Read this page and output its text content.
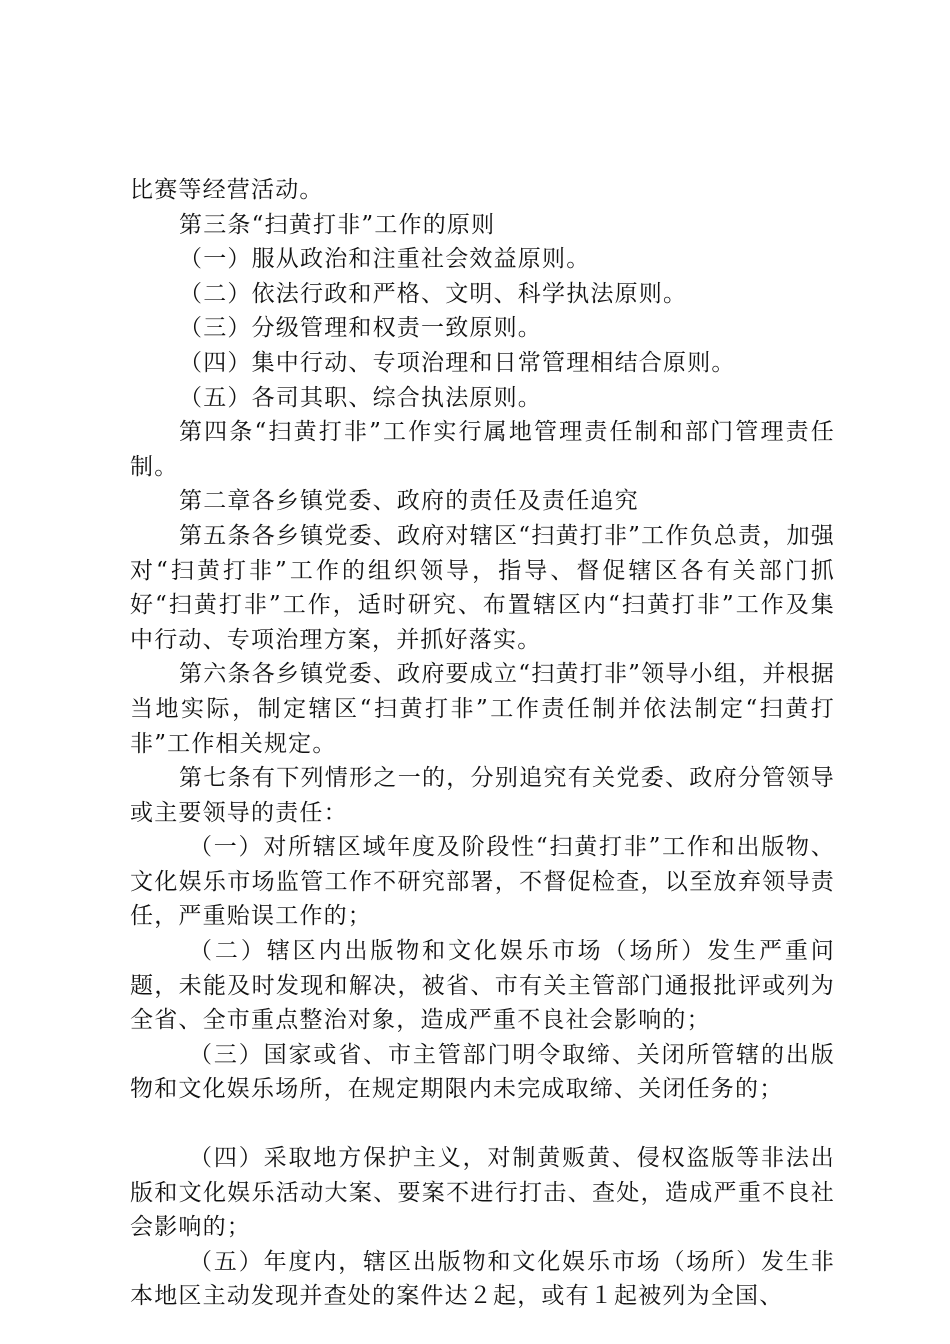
比赛等经营活动。

第三条“扫黄打非”工作的原则

（一）服从政治和注重社会效益原则。

（二）依法行政和严格、文明、科学执法原则。

（三）分级管理和权责一致原则。

（四）集中行动、专项治理和日常管理相结合原则。

（五）各司其职、综合执法原则。

第四条“扫黄打非”工作实行属地管理责任制和部门管理责任制。

第二章各乡镇党委、政府的责任及责任追究

第五条各乡镇党委、政府对辖区“扫黄打非”工作负总责，加强对“扫黄打非”工作的组织领导，指导、督促辖区各有关部门抓好“扫黄打非”工作，适时研究、布置辖区内“扫黄打非”工作及集中行动、专项治理方案，并抓好落实。

第六条各乡镇党委、政府要成立“扫黄打非”领导小组，并根据当地实际，制定辖区“扫黄打非”工作责任制并依法制定“扫黄打非”工作相关规定。

第七条有下列情形之一的，分别追究有关党委、政府分管领导或主要领导的责任：

（一）对所辖区域年度及阶段性“扫黄打非”工作和出版物、文化娱乐市场监管工作不研究部署，不督促检查，以至放弃领导责任，严重贻误工作的；

（二）辖区内出版物和文化娱乐市场（场所）发生严重问题，未能及时发现和解决，被省、市有关主管部门通报批评或列为全省、全市重点整治对象，造成严重不良社会影响的；

（三）国家或省、市主管部门明令取缔、关闭所管辖的出版物和文化娱乐场所，在规定期限内未完成取缔、关闭任务的；

（四）采取地方保护主义，对制黄贩黄、侵权盗版等非法出版和文化娱乐活动大案、要案不进行打击、查处，造成严重不良社会影响的；

（五）年度内，辖区出版物和文化娱乐市场（场所）发生非本地区主动发现并查处的案件达２起，或有１起被列为全国、
